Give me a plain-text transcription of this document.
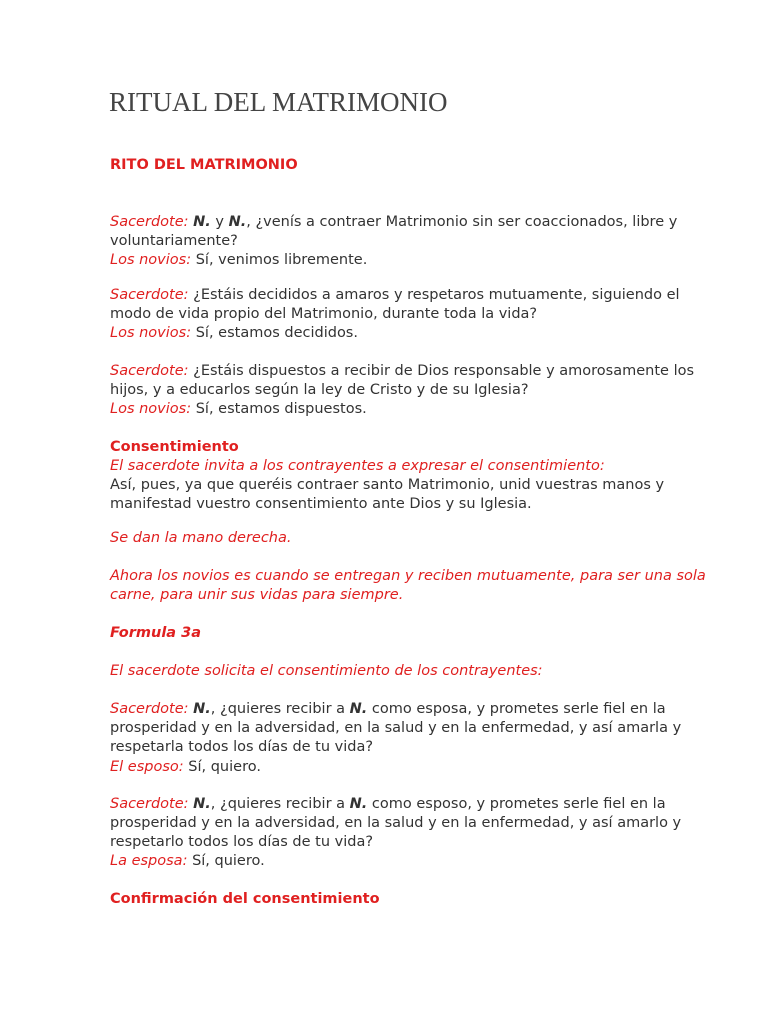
RITUAL DEL MATRIMONIO
RITO DEL MATRIMONIO
Sacerdote: N. y N., ¿venís a contraer Matrimonio sin ser coaccionados, libre y
voluntariamente?
Los novios: Sí, venimos libremente.
Sacerdote: ¿Estáis decididos a amaros y respetaros mutuamente, siguiendo el
modo de vida propio del Matrimonio, durante toda la vida?
Los novios: Sí, estamos decididos.
Sacerdote: ¿Estáis dispuestos a recibir de Dios responsable y amorosamente los
hijos, y a educarlos según la ley de Cristo y de su Iglesia?
Los novios: Sí, estamos dispuestos.
Consentimiento
El sacerdote invita a los contrayentes a expresar el consentimiento:
Así, pues, ya que queréis contraer santo Matrimonio, unid vuestras manos y
manifestad vuestro consentimiento ante Dios y su Iglesia.
Se dan la mano derecha.
Ahora los novios es cuando se entregan y reciben mutuamente, para ser una sola
carne, para unir sus vidas para siempre.
Formula 3a
El sacerdote solicita el consentimiento de los contrayentes:
Sacerdote: N., ¿quieres recibir a N. como esposa, y prometes serle fiel en la
prosperidad y en la adversidad, en la salud y en la enfermedad, y así amarla y
respetarla todos los días de tu vida?
El esposo: Sí, quiero.
Sacerdote: N., ¿quieres recibir a N. como esposo, y prometes serle fiel en la
prosperidad y en la adversidad, en la salud y en la enfermedad, y así amarlo y
respetarlo todos los días de tu vida?
La esposa: Sí, quiero.
Confirmación del consentimiento
